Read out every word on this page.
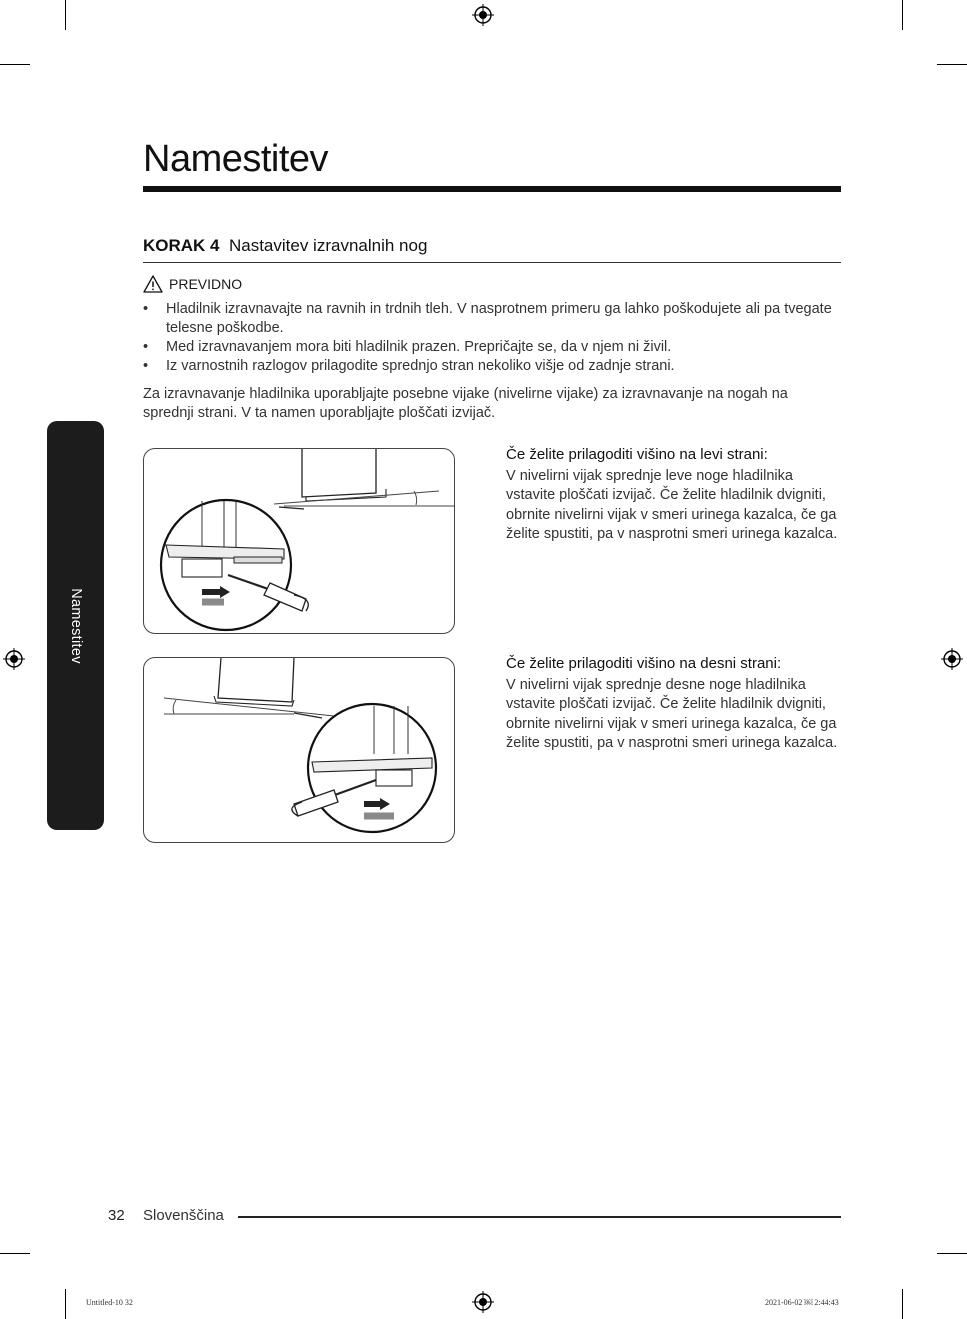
Namestitev
KORAK 4 Nastavitev izravnalnih nog
PREVIDNO
• Hladilnik izravnavajte na ravnih in trdnih tleh. V nasprotnem primeru ga lahko poškodujete ali pa tvegate telesne poškodbe.
• Med izravnavanjem mora biti hladilnik prazen. Prepričajte se, da v njem ni živil.
• Iz varnostnih razlogov prilagodite sprednjo stran nekoliko višje od zadnje strani.
Za izravnavanje hladilnika uporabljajte posebne vijake (nivelirne vijake) za izravnavanje na nogah na sprednji strani. V ta namen uporabljajte ploščati izvijač.
Če želite prilagoditi višino na levi strani:
V nivelirni vijak sprednje leve noge hladilnika vstavite ploščati izvijač. Če želite hladilnik dvigniti, obrnite nivelirni vijak v smeri urinega kazalca, če ga želite spustiti, pa v nasprotni smeri urinega kazalca.
Če želite prilagoditi višino na desni strani:
V nivelirni vijak sprednje desne noge hladilnika vstavite ploščati izvijač. Če želite hladilnik dvigniti, obrnite nivelirni vijak v smeri urinega kazalca, če ga želite spustiti, pa v nasprotni smeri urinega kazalca.
Namestitev
32 Slovenščina
Untitled-10 32	2021-06-02 ￼ 2:44:43
